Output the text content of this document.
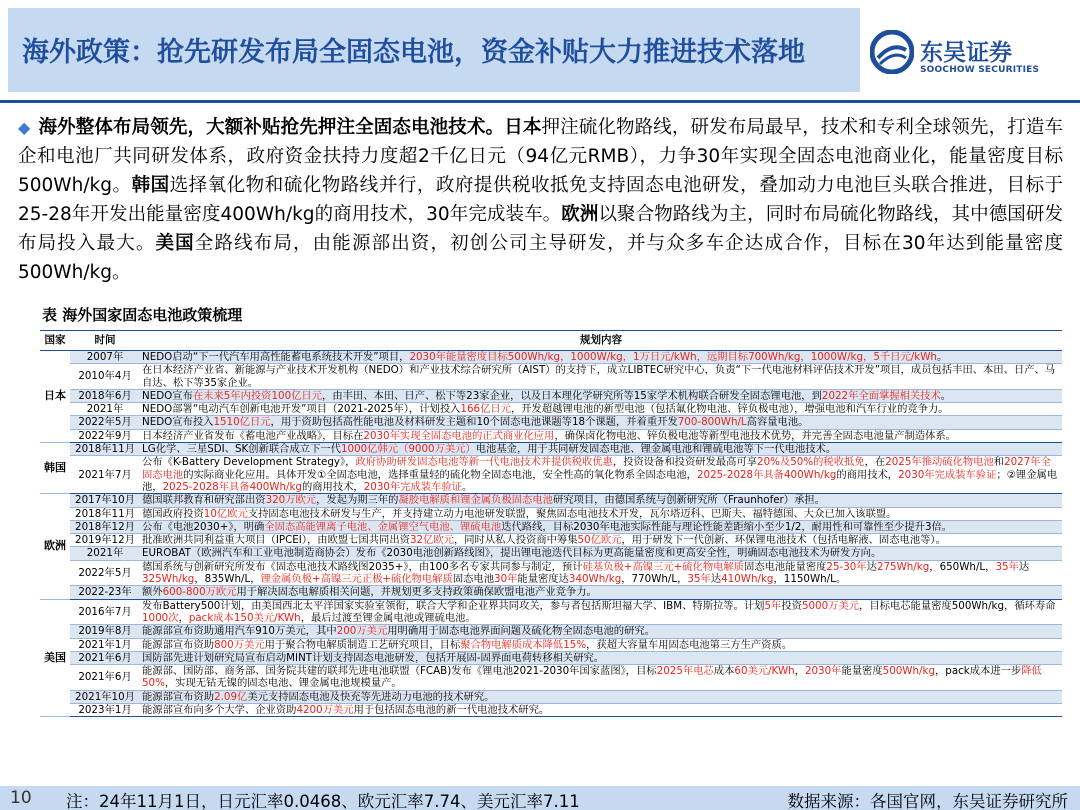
海外政策：抢先研发布局全固态电池，资金补贴大力推进技术落地	东吴证券
SOOCHOW SECURITIES
◆ 海外整体布局领先，大额补贴抢先押注全固态电池技术。日本押注硫化物路线，研发布局最早，技术和专利全球领先，打造车企和电池厂共同研发体系，政府资金扶持力度超2千亿日元（94亿元RMB），力争30年实现全固态电池商业化，能量密度目标500Wh/kg。韩国选择氧化物和硫化物路线并行，政府提供税收抵免支持固态电池研发，叠加动力电池巨头联合推进，目标于25-28年开发出能量密度400Wh/kg的商用技术，30年完成装车。欧洲以聚合物路线为主，同时布局硫化物路线，其中德国研发布局投入最大。美国全路线布局，由能源部出资，初创公司主导研发，并与众多车企达成合作，目标在30年达到能量密度500Wh/kg。
表 海外国家固态电池政策梳理
国家	时间	规划内容
日本	2007年	NEDO启动“下一代汽车用高性能蓄电系统技术开发”项目，2030年能量密度目标500Wh/kg，1000W/kg，1万日元/kWh，远期目标700Wh/kg，1000W/kg，5千日元/kWh。
	2010年4月	在日本经济产业省、新能源与产业技术开发机构（NEDO）和产业技术综合研究所（AIST）的支持下，成立LIBTEC研究中心，负责“下一代电池材料评估技术开发”项目，成员包括丰田、本田、日产、马自达、松下等35家企业。
	2018年6月	NEDO宣布在未来5年内投资100亿日元，由丰田、本田、日产、松下等23家企业，以及日本理化学研究所等15家学术机构联合研发全固态锂电池，到2022年全面掌握相关技术。
	2021年	NEDO部署“电动汽车创新电池开发”项目（2021-2025年），计划投入166亿日元，开发超越锂电池的新型电池（包括氟化物电池、锌负极电池），增强电池和汽车行业的竞争力。
	2022年5月	NEDO宣布投入1510亿日元，用于资助包括高性能电池及材料研发主题和10个固态电池课题等18个课题，并着重开发700-800Wh/L高容量电池。
	2022年9月	日本经济产业省发布《蓄电池产业战略》，目标在2030年实现全固态电池的正式商业化应用，确保卤化物电池、锌负极电池等新型电池技术优势，并完善全固态电池量产制造体系。
韩国	2018年11月	LG化学、三星SDI、SK创新联合成立下一代1000亿韩元（9000万美元）电池基金，用于共同研发固态电池、锂金属电池和锂硫电池等下一代电池技术。
	2021年7月	公布《K-Battery Development Strategy》，政府协助研发固态电池等新一代电池技术并提供税收优惠，投资设备和投资研发最高可享20%及50%的税收抵免，在2025年推动硫化物电池和2027年全固态电池的实际商业化应用。具体开发①全固态电池，选择重量轻的硫化物全固态电池，安全性高的氧化物系全固态电池，2025-2028年具备400Wh/kg的商用技术，2030年完成装车验证；②锂金属电池，2025-2028年具备400Wh/kg的商用技术，2030年完成装车验证。
欧洲	2017年10月	德国联邦教育和研究部出资320万欧元，发起为期三年的凝胶电解质和锂金属负极固态电池研究项目，由德国系统与创新研究所（Fraunhofer）承担。
	2018年11月	德国政府投资10亿欧元支持固态电池技术研发与生产，并支持建立动力电池研发联盟，聚焦固态电池技术开发，瓦尔塔迈科、巴斯夫、福特德国、大众已加入该联盟。
	2018年12月	公布《电池2030+》，明确全固态高能锂离子电池、金属锂空气电池、锂硫电池迭代路线，目标2030年电池实际性能与理论性能差距缩小至少1/2，耐用性和可靠性至少提升3倍。
	2019年12月	批准欧洲共同利益重大项目（IPCEI），由欧盟七国共同出资32亿欧元，同时从私人投资商中筹集50亿欧元，用于研发下一代创新、环保锂电池技术（包括电解液、固态电池等）。
	2021年	EUROBAT（欧洲汽车和工业电池制造商协会）发布《2030电池创新路线图》，提出锂电池迭代目标为更高能量密度和更高安全性，明确固态电池技术为研发方向。
	2022年5月	德国系统与创新研究所发布《固态电池技术路线图2035+》，由100多名专家共同参与制定，预计硅基负极+高镍三元+硫化物电解质固态电池能量密度25-30年达275Wh/kg，650Wh/L，35年达325Wh/kg，835Wh/L，锂金属负极+高镍三元正极+硫化物电解质固态电池30年能量密度达340Wh/kg，770Wh/L，35年达410Wh/kg，1150Wh/L。
	2022-23年	额外600-800万欧元用于解决固态电解质相关问题，并规划更多支持政策确保欧盟电池产业竞争力。
美国	2016年7月	发布Battery500计划，由美国西北太平洋国家实验室领衔，联合大学和企业界共同攻关，参与者包括斯坦福大学、IBM、特斯拉等。计划5年投资5000万美元，目标电芯能量密度500Wh/kg，循环寿命1000次，pack成本150美元/KWh，最后过渡至锂金属电池或锂硫电池。
	2019年8月	能源部宣布资助通用汽车910万美元，其中200万美元用明确用于固态电池界面问题及硫化物全固态电池的研究。
	2021年1月	能源部宣布资助800万美元用于聚合物电解质制造工艺研究项目，目标聚合物电解质成本降低15%，获超大容量车用固态电池第三方生产资质。
	2021年6月	国防部先进计划研究局宣布启动MINT计划支持固态电池研发，包括开展固-固界面电荷转移相关研究。
	2021年6月	能源部、国防部、商务部、国务院共建的联邦先进电池联盟（FCAB)发布《锂电池2021-2030年国家蓝图》，目标2025年电芯成本60美元/KWh，2030年能量密度500Wh/kg，pack成本进一步降低50%，实现无钴无镍的固态电池、锂金属电池规模量产。
	2021年10月	能源部宣布资助2.09亿美元支持固态电池及快充等先进动力电池的技术研究。
	2023年1月	能源部宣布向多个大学、企业资助4200万美元用于包括固态电池的新一代电池技术研究。
10 注：24年11月1日，日元汇率0.0468、欧元汇率7.74、美元汇率7.11	数据来源：各国官网，东吴证券研究所
